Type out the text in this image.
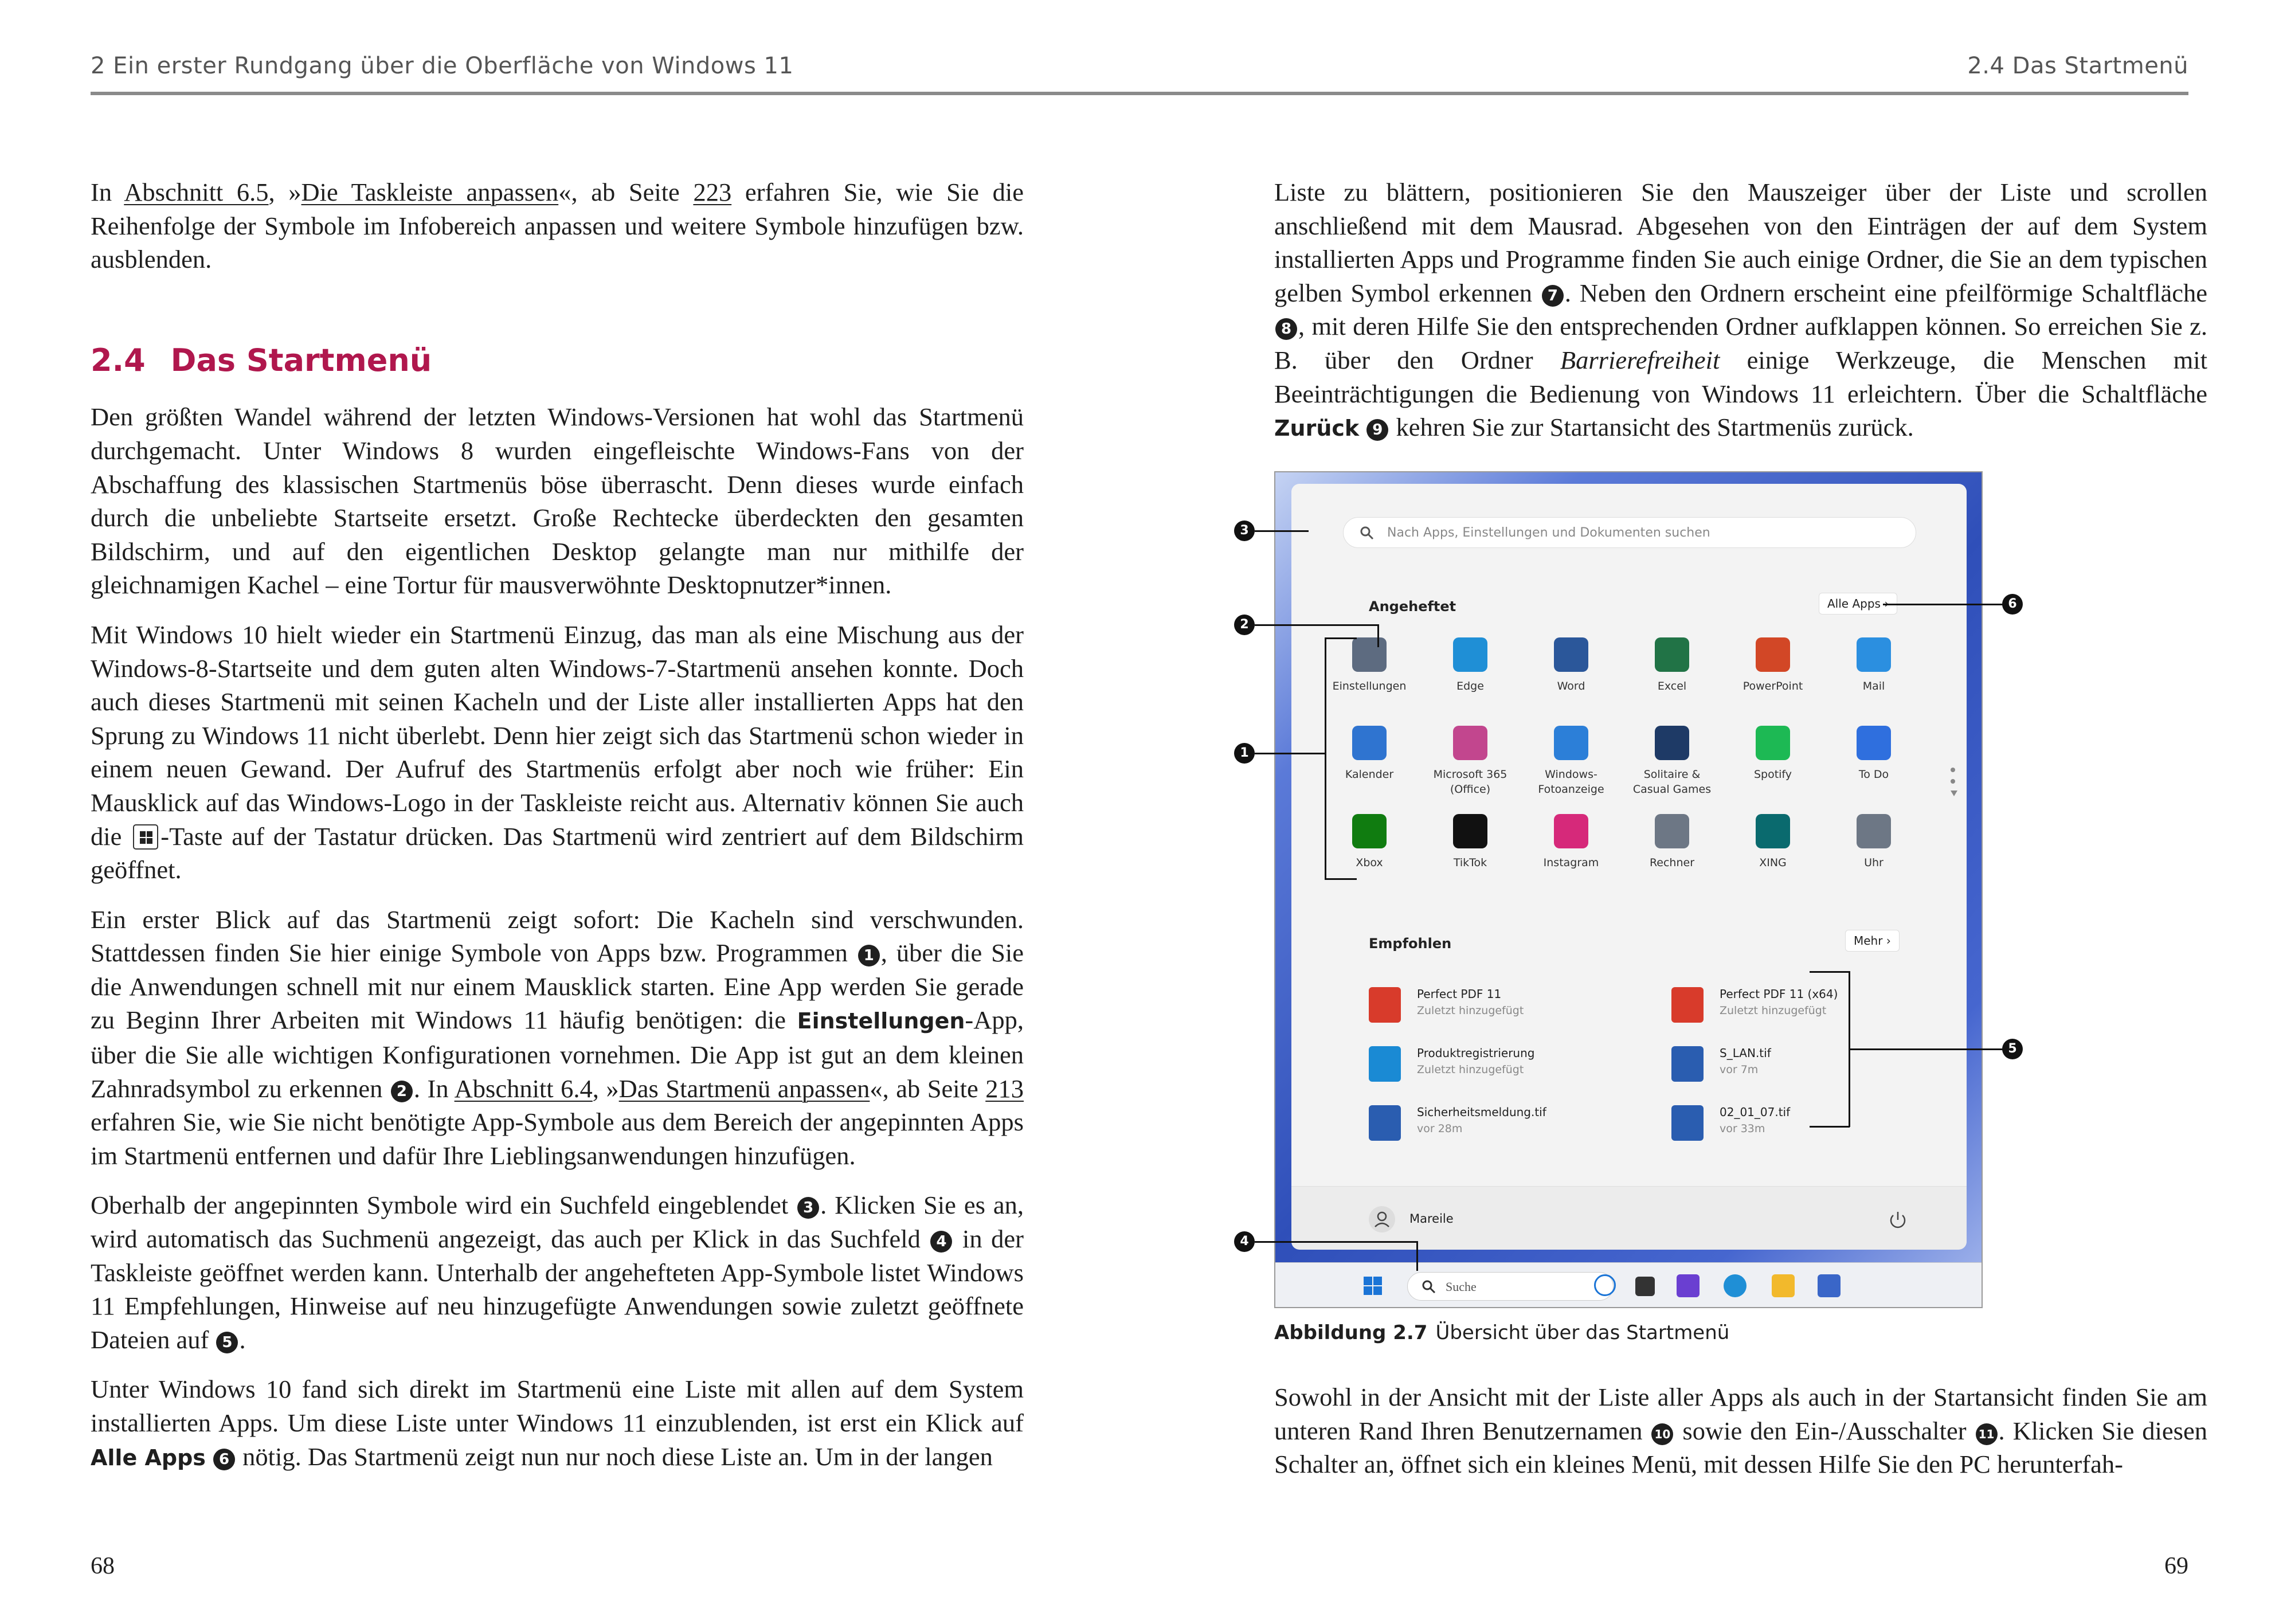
2 Ein erster Rundgang über die Oberfläche von Windows 11

In Abschnitt 6.5, »Die Taskleiste anpassen«, ab Seite 223 erfahren Sie, wie Sie die Reihenfolge der Symbole im Infobereich anpassen und weitere Symbole hinzufügen bzw. ausblenden.

2.4 Das Startmenü

Den größten Wandel während der letzten Windows-Versionen hat wohl das Startmenü durchgemacht. Unter Windows 8 wurden eingefleischte Windows-Fans von der Abschaffung des klassischen Startmenüs böse überrascht. Denn dieses wurde einfach durch die unbeliebte Startseite ersetzt. Große Rechtecke überdeckten den gesamten Bildschirm, und auf den eigentlichen Desktop gelangte man nur mithilfe der gleichnamigen Kachel – eine Tortur für mausverwöhnte Desktopnutzer*innen.

Mit Windows 10 hielt wieder ein Startmenü Einzug, das man als eine Mischung aus der Windows-8-Startseite und dem guten alten Windows-7-Startmenü ansehen konnte. Doch auch dieses Startmenü mit seinen Kacheln und der Liste aller installierten Apps hat den Sprung zu Windows 11 nicht überlebt. Denn hier zeigt sich das Startmenü schon wieder in einem neuen Gewand. Der Aufruf des Startmenüs erfolgt aber noch wie früher: Ein Mausklick auf das Windows-Logo in der Taskleiste reicht aus. Alternativ können Sie auch die
-Taste auf der Tastatur drücken. Das Startmenü wird zentriert auf dem Bildschirm geöffnet.

Ein erster Blick auf das Startmenü zeigt sofort: Die Kacheln sind verschwunden. Stattdessen finden Sie hier einige Symbole von Apps bzw. Programmen 1 , über die Sie die Anwendungen schnell mit nur einem Mausklick starten. Eine App werden Sie gerade zu Beginn Ihrer Arbeiten mit Windows 11 häufig benötigen: die Einstellungen-App, über die Sie alle wichtigen Konfigurationen vornehmen. Die App ist gut an dem kleinen Zahnradsymbol zu erkennen 2 . In Abschnitt 6.4, »Das Startmenü anpassen«, ab Seite 213 erfahren Sie, wie Sie nicht benötigte App-Symbole aus dem Bereich der angepinnten Apps im Startmenü entfernen und dafür Ihre Lieblingsanwendungen hinzufügen.

Oberhalb der angepinnten Symbole wird ein Suchfeld eingeblendet 3 . Klicken Sie es an, wird automatisch das Suchmenü angezeigt, das auch per Klick in das Suchfeld 4 in der Taskleiste geöffnet werden kann. Unterhalb der angehefteten App-Symbole listet Windows 11 Empfehlungen, Hinweise auf neu hinzugefügte Anwendungen sowie zuletzt geöffnete Dateien auf 5 .

Unter Windows 10 fand sich direkt im Startmenü eine Liste mit allen auf dem System installierten Apps. Um diese Liste unter Windows 11 einzublenden, ist erst ein Klick auf Alle Apps 6 nötig. Das Startmenü zeigt nun nur noch diese Liste an. Um in der langen

68
2.4 Das Startmenü
69

Liste zu blättern, positionieren Sie den Mauszeiger über der Liste und scrollen anschließend mit dem Mausrad. Abgesehen von den Einträgen der auf dem System installierten Apps und Programme finden Sie auch einige Ordner, die Sie an dem typischen gelben Symbol erkennen 7 . Neben den Ordnern erscheint eine pfeilförmige Schaltfläche 8 , mit deren Hilfe Sie den entsprechenden Ordner aufklappen können. So erreichen Sie z. B. über den Ordner Barrierefreiheit einige Werkzeuge, die Menschen mit Beeinträchtigungen die Bedienung von Windows 11 erleichtern. Über die Schaltfläche Zurück 9 kehren Sie zur Startansicht des Startmenüs zurück.

Nach Apps, Einstellungen und Dokumenten suchen
Angeheftet	Alle Apps
Einstellungen	Edge	Word	Excel	PowerPoint	Mail
Kalender	Microsoft 365
(Office)
Windows-
Fotoanzeige
Solitaire &
Casual Games
Spotify	To Do
Xbox	TikTok	Instagram	Rechner	XING	Uhr
Empfohlen	Mehr ›
Perfect PDF 11
Zuletzt hinzugefügt
Perfect PDF 11 (x64)
Zuletzt hinzugefügt
Produktregistrierung
Zuletzt hinzugefügt
S_LAN.tif
vor 7m
Sicherheitsmeldung.tif
vor 28m
02_01_07.tif
vor 33m
Mareile
Suche
3
2
1
6
5
4
Abbildung 2.7 Übersicht über das Startmenü

Sowohl in der Ansicht mit der Liste aller Apps als auch in der Startansicht finden Sie am unteren Rand Ihren Benutzernamen 10 sowie den Ein-/Ausschalter 11 . Klicken Sie diesen Schalter an, öffnet sich ein kleines Menü, mit dessen Hilfe Sie den PC herunterfah-
